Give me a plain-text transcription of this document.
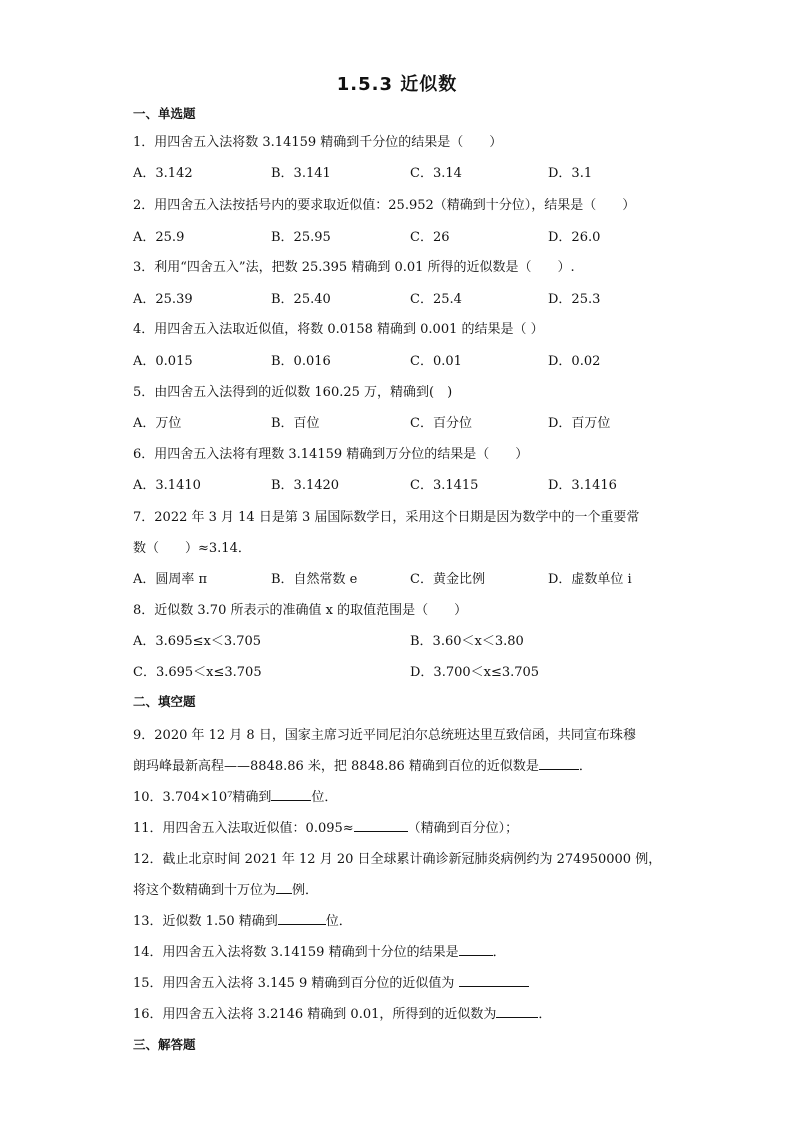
1.5.3 近似数
一、单选题
1．用四舍五入法将数 3.14159 精确到千分位的结果是（　　）
A．3.142	B．3.141	C．3.14	D．3.1
2．用四舍五入法按括号内的要求取近似值：25.952（精确到十分位），结果是（　　）
A．25.9	B．25.95	C．26	D．26.0
3．利用“四舍五入”法，把数 25.395 精确到 0.01 所得的近似数是（　　）.
A．25.39	B．25.40	C．25.4	D．25.3
4．用四舍五入法取近似值，将数 0.0158 精确到 0.001 的结果是（ ）
A．0.015	B．0.016	C．0.01	D．0.02
5．由四舍五入法得到的近似数 160.25 万，精确到(　)
A．万位	B．百位	C．百分位	D．百万位
6．用四舍五入法将有理数 3.14159 精确到万分位的结果是（　　）
A．3.1410	B．3.1420	C．3.1415	D．3.1416
7．2022 年 3 月 14 日是第 3 届国际数学日，采用这个日期是因为数学中的一个重要常
数（　　）≈3.14．
A．圆周率 π	B．自然常数 e	C．黄金比例	D．虚数单位 i
8．近似数 3.70 所表示的准确值 x 的取值范围是（　　）
A．3.695≤x＜3.705	B．3.60＜x＜3.80
C．3.695＜x≤3.705	D．3.700＜x≤3.705
二、填空题
9．2020 年 12 月 8 日，国家主席习近平同尼泊尔总统班达里互致信函，共同宣布珠穆
朗玛峰最新高程——8848.86 米，把 8848.86 精确到百位的近似数是	．
10．3.704×10⁷精确到	位．
11．用四舍五入法取近似值：0.095≈	（精确到百分位）；
12．截止北京时间 2021 年 12 月 20 日全球累计确诊新冠肺炎病例约为 274950000 例，
将这个数精确到十万位为 例．
13．近似数 1.50 精确到	位．
14．用四舍五入法将数 3.14159 精确到十分位的结果是	．
15．用四舍五入法将 3.145 9 精确到百分位的近似值为
16．用四舍五入法将 3.2146 精确到 0.01，所得到的近似数为	．
三、解答题
